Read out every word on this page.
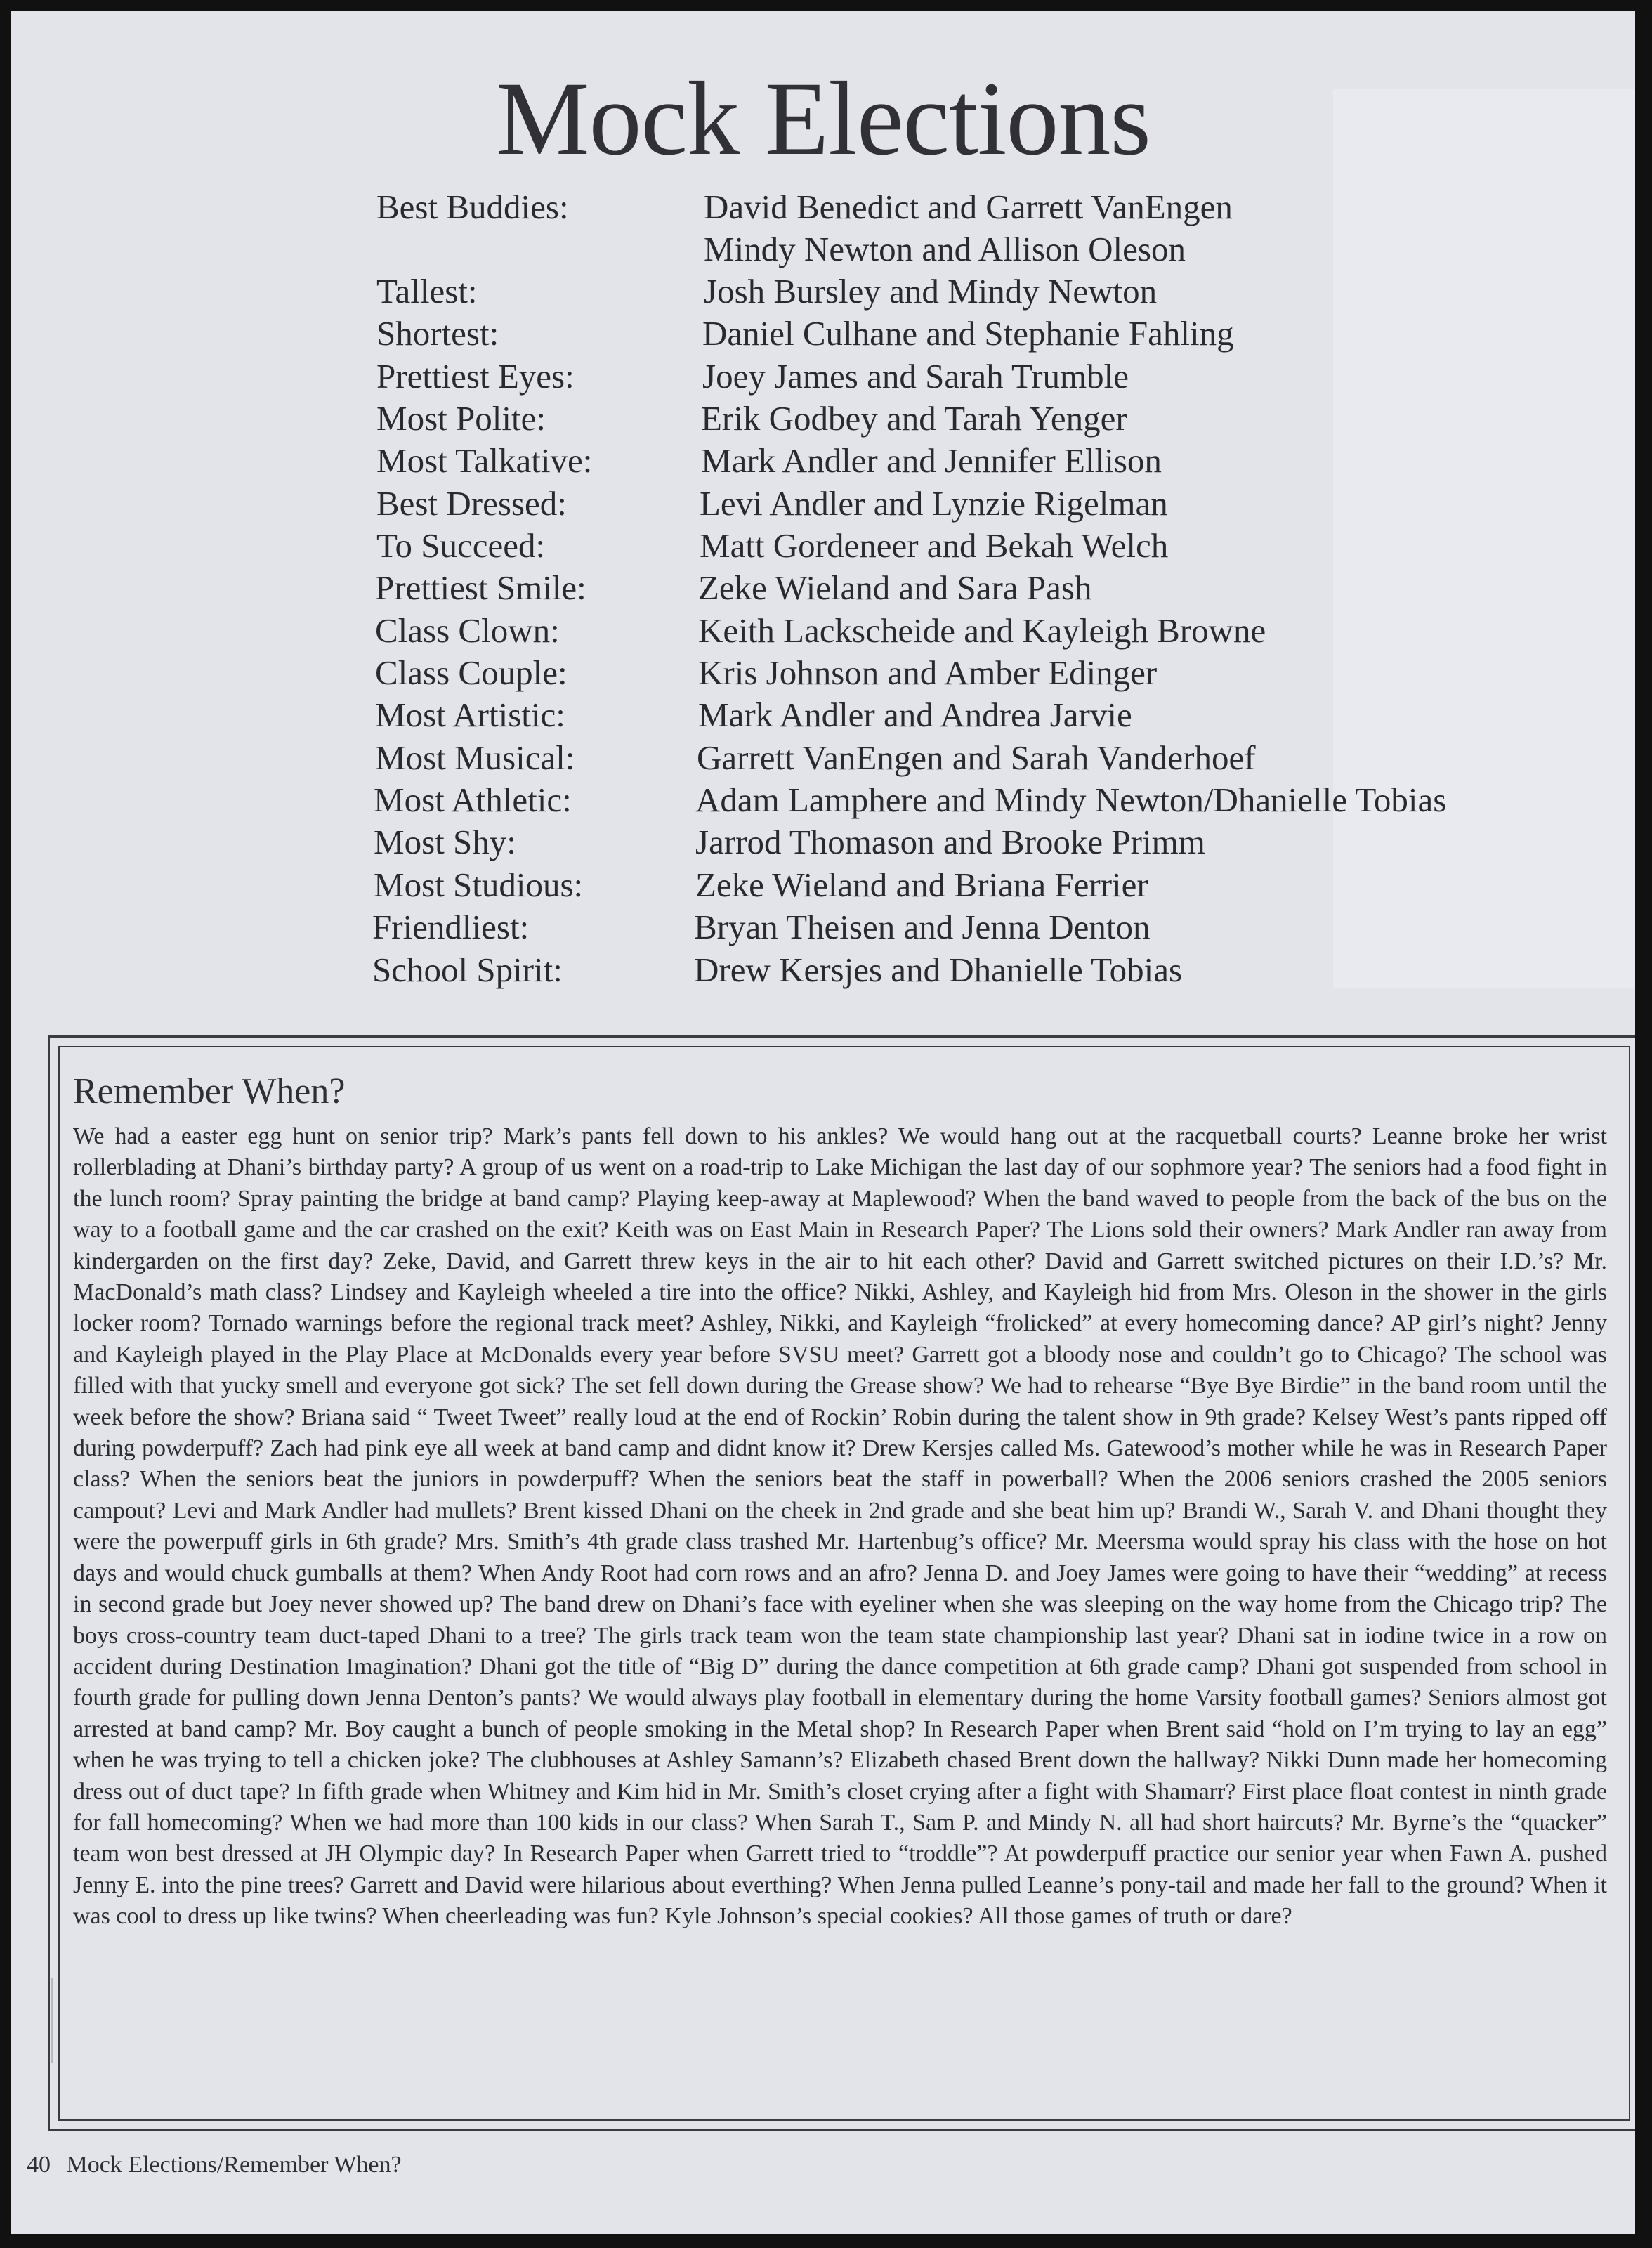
Mock Elections
Best Buddies:	David Benedict and Garrett VanEngen
Mindy Newton and Allison Oleson
Tallest:	Josh Bursley and Mindy Newton
Shortest:	Daniel Culhane and Stephanie Fahling
Prettiest Eyes:	Joey James and Sarah Trumble
Most Polite:	Erik Godbey and Tarah Yenger
Most Talkative:	Mark Andler and Jennifer Ellison
Best Dressed:	Levi Andler and Lynzie Rigelman
To Succeed:	Matt Gordeneer and Bekah Welch
Prettiest Smile:	Zeke Wieland and Sara Pash
Class Clown:	Keith Lackscheide and Kayleigh Browne
Class Couple:	Kris Johnson and Amber Edinger
Most Artistic:	Mark Andler and Andrea Jarvie
Most Musical:	Garrett VanEngen and Sarah Vanderhoef
Most Athletic:	Adam Lamphere and Mindy Newton/Dhanielle Tobias
Most Shy:	Jarrod Thomason and Brooke Primm
Most Studious:	Zeke Wieland and Briana Ferrier
Friendliest:	Bryan Theisen and Jenna Denton
School Spirit:	Drew Kersjes and Dhanielle Tobias
Remember When?
We had a easter egg hunt on senior trip? Mark’s pants fell down to his ankles? We would hang out at the racquetball courts? Leanne broke her wrist rollerblading at Dhani’s birthday party? A group of us went on a road-trip to Lake Michigan the last day of our sophmore year? The seniors had a food fight in the lunch room? Spray painting the bridge at band camp? Playing keep-away at Maplewood? When the band waved to people from the back of the bus on the way to a football game and the car crashed on the exit? Keith was on East Main in Research Paper? The Lions sold their owners? Mark Andler ran away from kindergarden on the first day? Zeke, David, and Garrett threw keys in the air to hit each other? David and Garrett switched pictures on their I.D.’s? Mr. MacDonald’s math class? Lindsey and Kayleigh wheeled a tire into the office? Nikki, Ashley, and Kayleigh hid from Mrs. Oleson in the shower in the girls locker room? Tornado warnings before the regional track meet? Ashley, Nikki, and Kayleigh “frolicked” at every homecoming dance? AP girl’s night? Jenny and Kayleigh played in the Play Place at McDonalds every year before SVSU meet? Garrett got a bloody nose and couldn’t go to Chicago? The school was filled with that yucky smell and everyone got sick? The set fell down during the Grease show? We had to rehearse “Bye Bye Birdie” in the band room until the week before the show? Briana said “ Tweet Tweet” really loud at the end of Rockin’ Robin during the talent show in 9th grade? Kelsey West’s pants ripped off during powderpuff? Zach had pink eye all week at band camp and didnt know it? Drew Kersjes called Ms. Gatewood’s mother while he was in Research Paper class? When the seniors beat the juniors in powderpuff? When the seniors beat the staff in powerball? When the 2006 seniors crashed the 2005 seniors campout? Levi and Mark Andler had mullets? Brent kissed Dhani on the cheek in 2nd grade and she beat him up? Brandi W., Sarah V. and Dhani thought they were the powerpuff girls in 6th grade? Mrs. Smith’s 4th grade class trashed Mr. Hartenbug’s office? Mr. Meersma would spray his class with the hose on hot days and would chuck gumballs at them? When Andy Root had corn rows and an afro? Jenna D. and Joey James were going to have their “wedding” at recess in second grade but Joey never showed up? The band drew on Dhani’s face with eyeliner when she was sleeping on the way home from the Chicago trip? The boys cross-country team duct-taped Dhani to a tree? The girls track team won the team state championship last year? Dhani sat in iodine twice in a row on accident during Destination Imagination? Dhani got the title of “Big D” during the dance competition at 6th grade camp? Dhani got suspended from school in fourth grade for pulling down Jenna Denton’s pants? We would always play football in elementary during the home Varsity football games? Seniors almost got arrested at band camp? Mr. Boy caught a bunch of people smoking in the Metal shop? In Research Paper when Brent said “hold on I’m trying to lay an egg” when he was trying to tell a chicken joke? The clubhouses at Ashley Samann’s? Elizabeth chased Brent down the hallway? Nikki Dunn made her homecoming dress out of duct tape? In fifth grade when Whitney and Kim hid in Mr. Smith’s closet crying after a fight with Shamarr? First place float contest in ninth grade for fall homecoming? When we had more than 100 kids in our class? When Sarah T., Sam P. and Mindy N. all had short haircuts? Mr. Byrne’s the “quacker” team won best dressed at JH Olympic day? In Research Paper when Garrett tried to “troddle”? At powderpuff practice our senior year when Fawn A. pushed Jenny E. into the pine trees? Garrett and David were hilarious about everthing? When Jenna pulled Leanne’s pony-tail and made her fall to the ground? When it was cool to dress up like twins? When cheerleading was fun? Kyle Johnson’s special cookies? All those games of truth or dare?
40 Mock Elections/Remember When?
